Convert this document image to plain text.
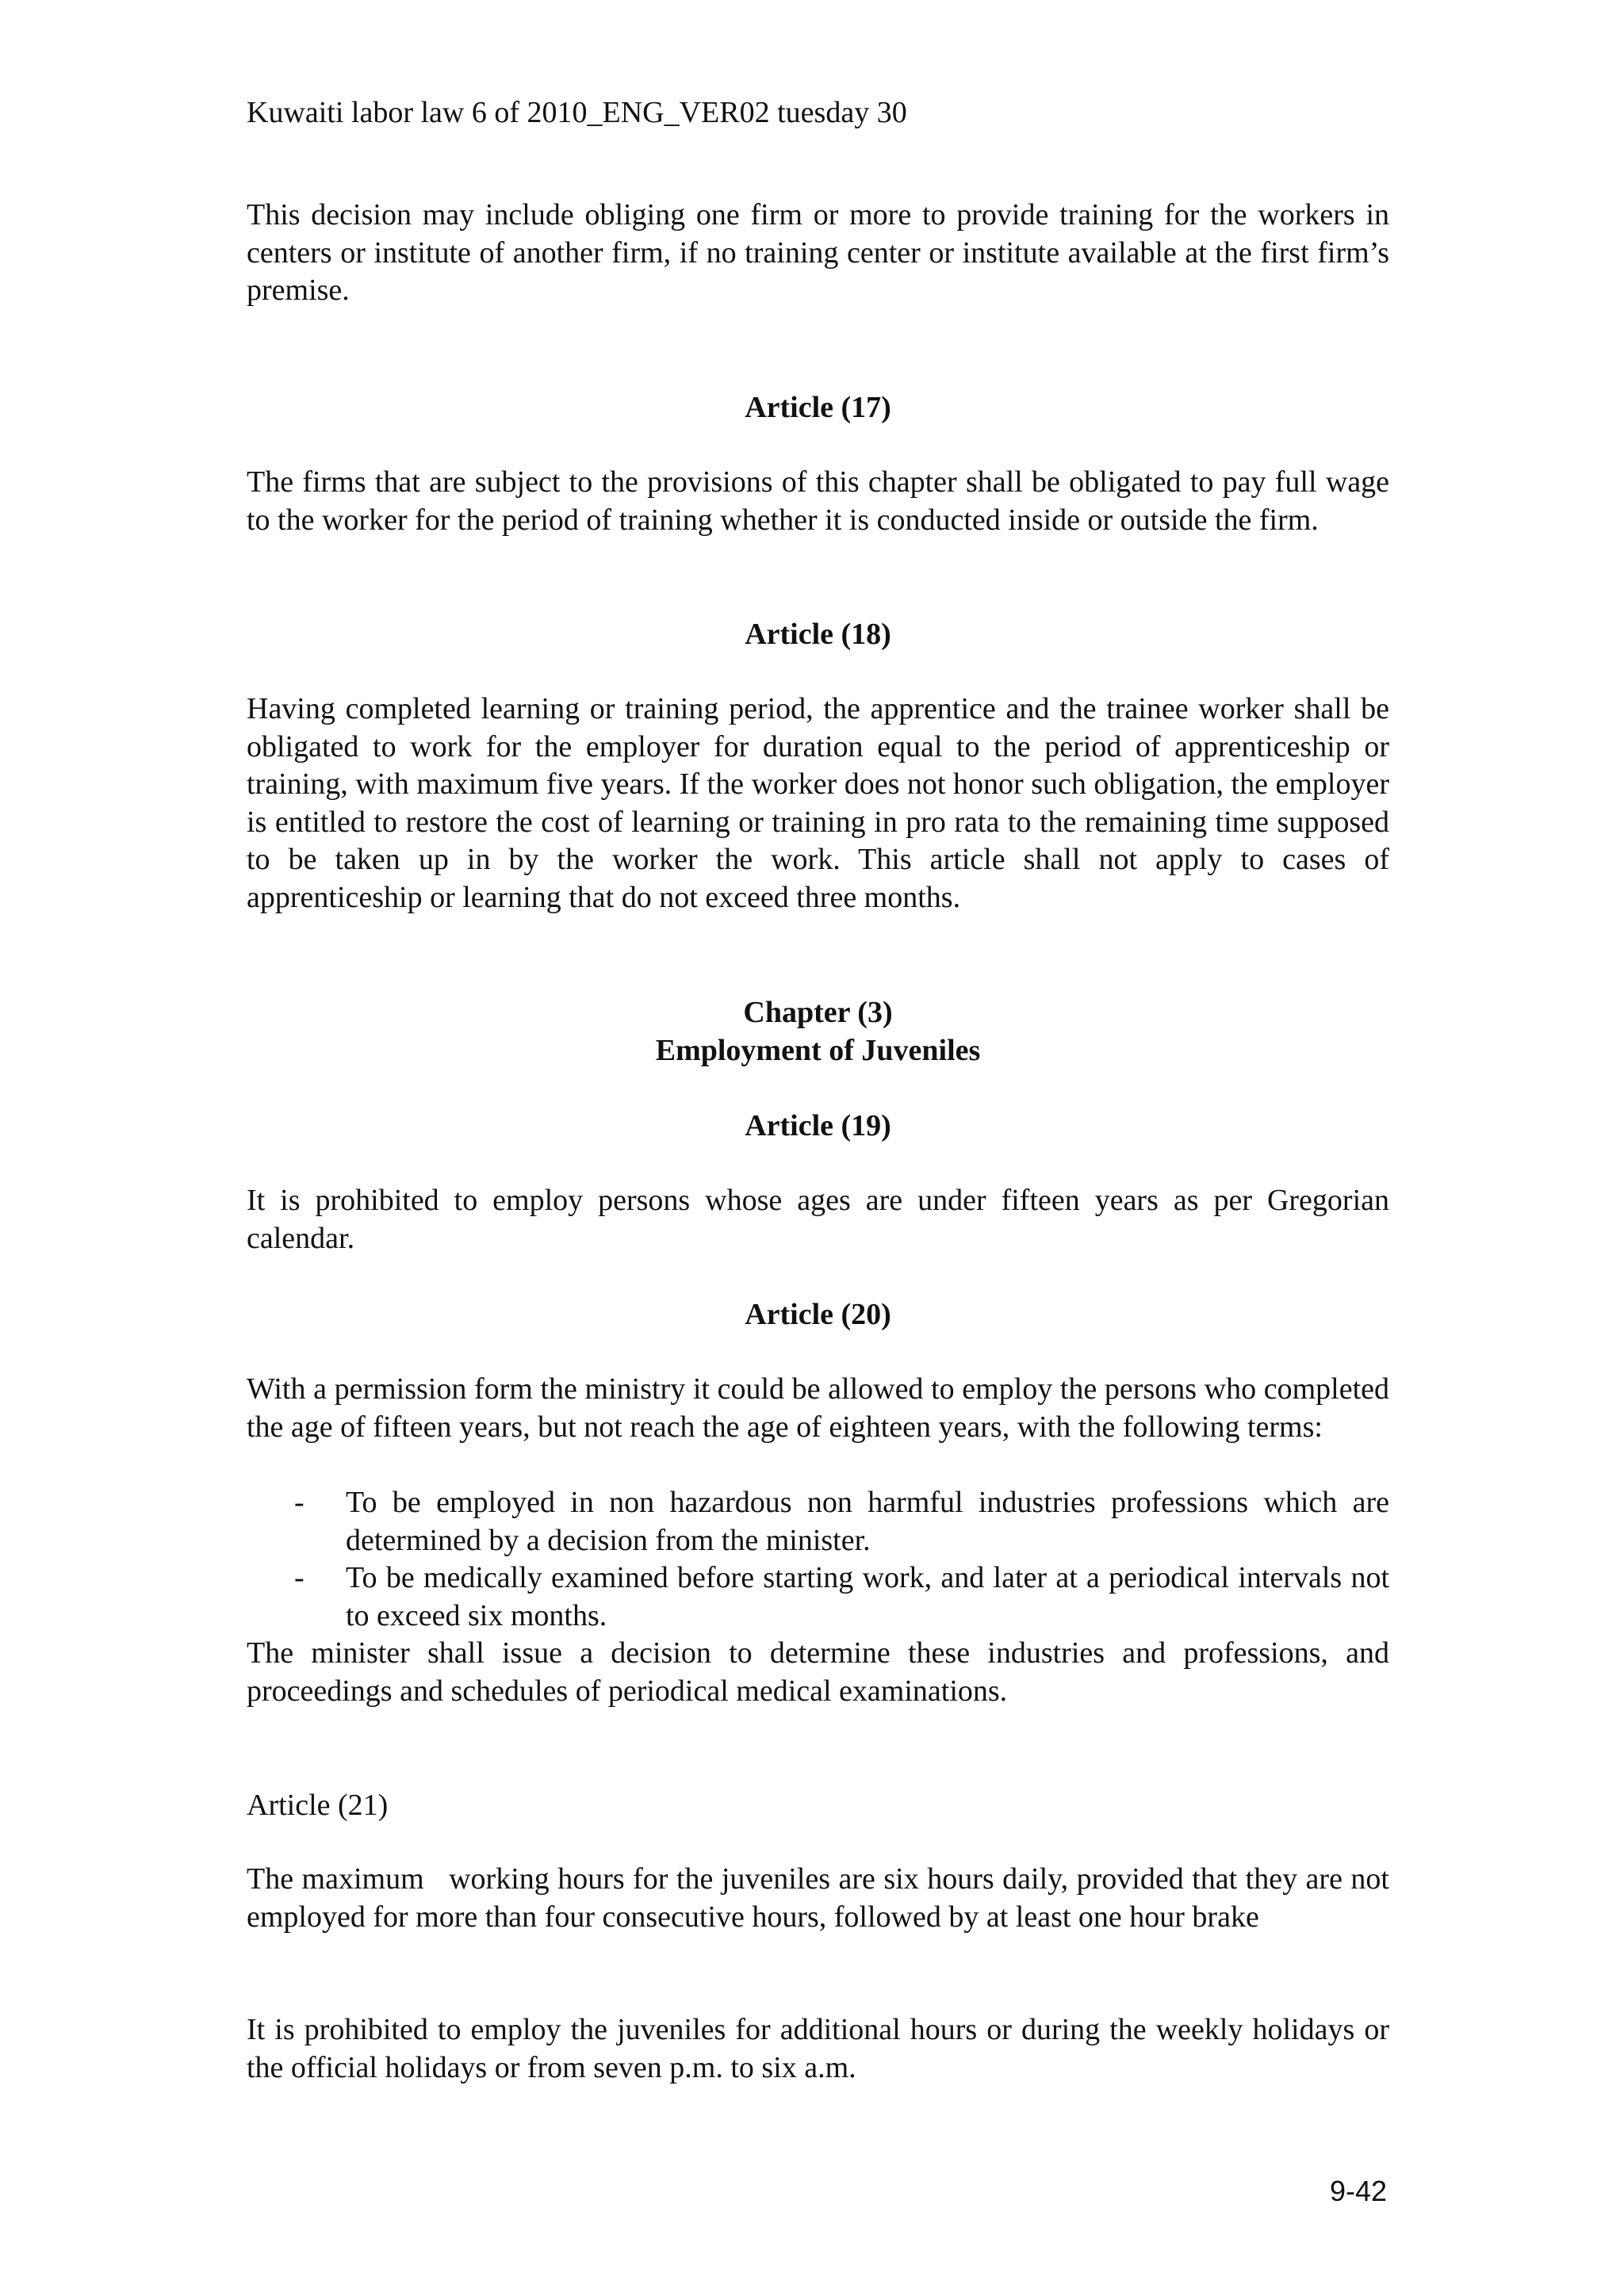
Kuwaiti labor law 6 of 2010_ENG_VER02 tuesday 30
This decision may include obliging one firm or more to provide training for the workers in centers or institute of another firm, if no training center or institute available at the first firm’s premise.
Article (17)
The firms that are subject to the provisions of this chapter shall be obligated to pay full wage to the worker for the period of training whether it is conducted inside or outside the firm.
Article (18)
Having completed learning or training period, the apprentice and the trainee worker shall be obligated to work for the employer for duration equal to the period of apprenticeship or training, with maximum five years. If the worker does not honor such obligation, the employer is entitled to restore the cost of learning or training in pro rata to the remaining time supposed to be taken up in by the worker the work. This article shall not apply to cases of apprenticeship or learning that do not exceed three months.
Chapter (3)
Employment of Juveniles
Article (19)
It is prohibited to employ persons whose ages are under fifteen years as per Gregorian calendar.
Article (20)
With a permission form the ministry it could be allowed to employ the persons who completed the age of fifteen years, but not reach the age of eighteen years, with the following terms:
- To be employed in non hazardous non harmful industries professions which are determined by a decision from the minister.
- To be medically examined before starting work, and later at a periodical intervals not to exceed six months.
The minister shall issue a decision to determine these industries and professions, and proceedings and schedules of periodical medical examinations.
Article (21)
The maximum   working hours for the juveniles are six hours daily, provided that they are not employed for more than four consecutive hours, followed by at least one hour brake
It is prohibited to employ the juveniles for additional hours or during the weekly holidays or the official holidays or from seven p.m. to six a.m.
9-42
